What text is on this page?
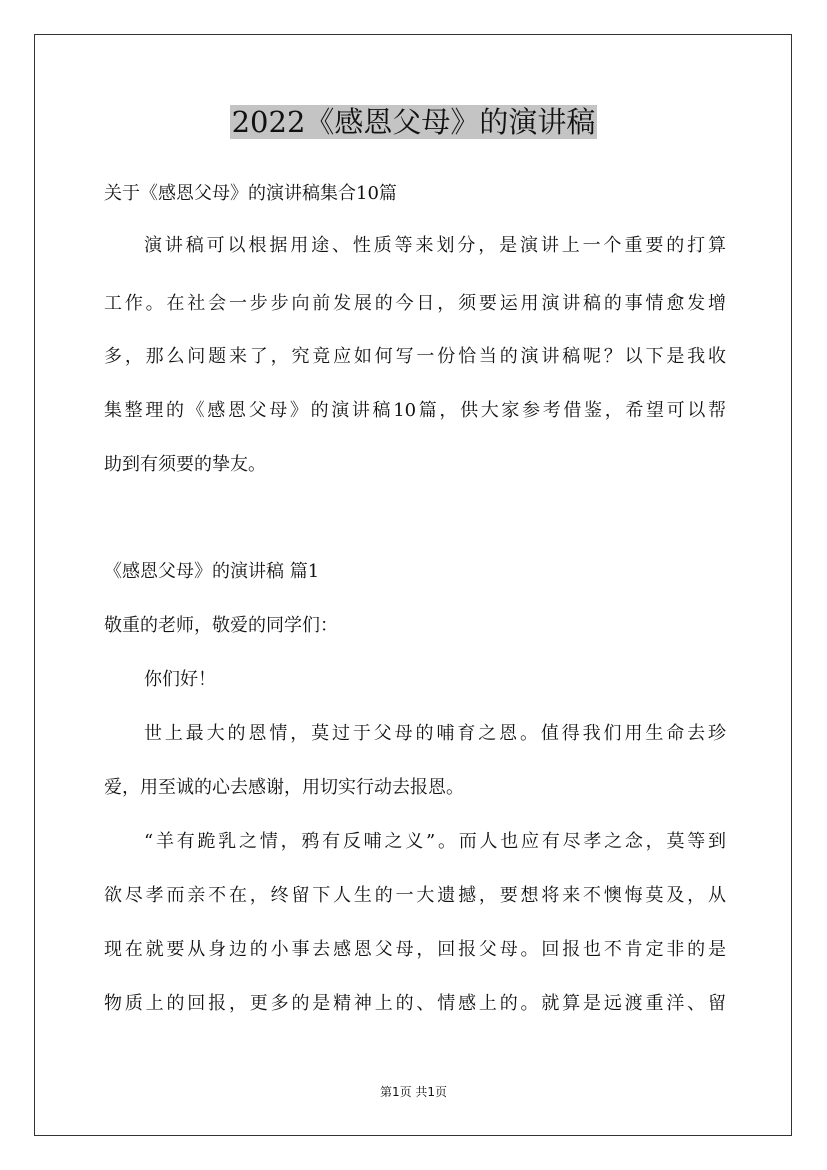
2022《感恩父母》的演讲稿
关于《感恩父母》的演讲稿集合10篇
演讲稿可以根据用途、性质等来划分，是演讲上一个重要的打算
工作。在社会一步步向前发展的今日，须要运用演讲稿的事情愈发增
多，那么问题来了，究竟应如何写一份恰当的演讲稿呢？以下是我收
集整理的《感恩父母》的演讲稿10篇，供大家参考借鉴，希望可以帮
助到有须要的挚友。
《感恩父母》的演讲稿 篇1
敬重的老师，敬爱的同学们：
你们好！
世上最大的恩情，莫过于父母的哺育之恩。值得我们用生命去珍
爱，用至诚的心去感谢，用切实行动去报恩。
“羊有跪乳之情，鸦有反哺之义”。而人也应有尽孝之念，莫等到
欲尽孝而亲不在，终留下人生的一大遗撼，要想将来不懊悔莫及，从
现在就要从身边的小事去感恩父母，回报父母。回报也不肯定非的是
物质上的回报，更多的是精神上的、情感上的。就算是远渡重洋、留
第1页 共1页
